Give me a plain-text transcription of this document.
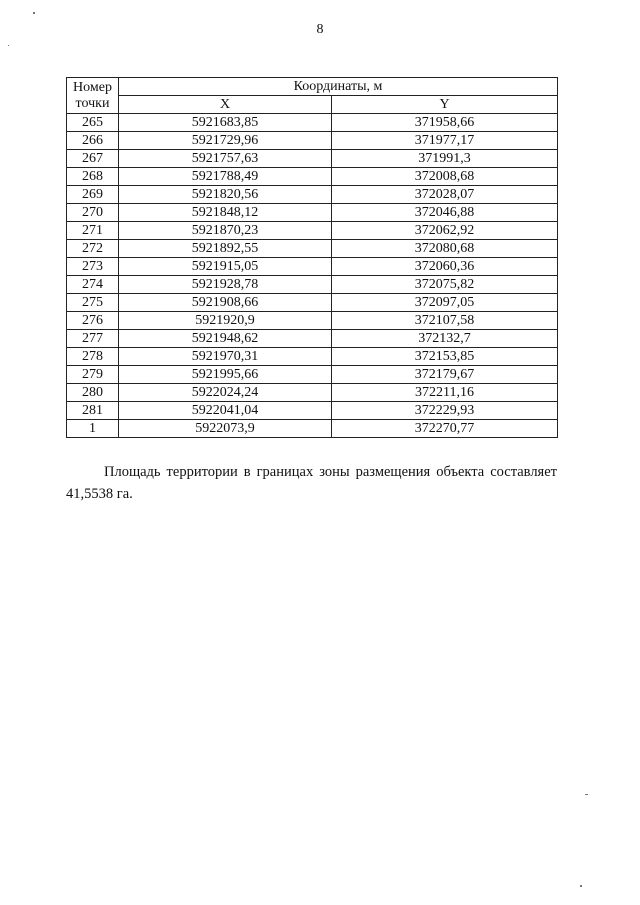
8
Номер точки	Координаты, м	
	X	Y
265	5921683,85	371958,66
266	5921729,96	371977,17
267	5921757,63	371991,3
268	5921788,49	372008,68
269	5921820,56	372028,07
270	5921848,12	372046,88
271	5921870,23	372062,92
272	5921892,55	372080,68
273	5921915,05	372060,36
274	5921928,78	372075,82
275	5921908,66	372097,05
276	5921920,9	372107,58
277	5921948,62	372132,7
278	5921970,31	372153,85
279	5921995,66	372179,67
280	5922024,24	372211,16
281	5922041,04	372229,93
1	5922073,9	372270,77
Площадь территории в границах зоны размещения объекта составляет 41,5538 га.
